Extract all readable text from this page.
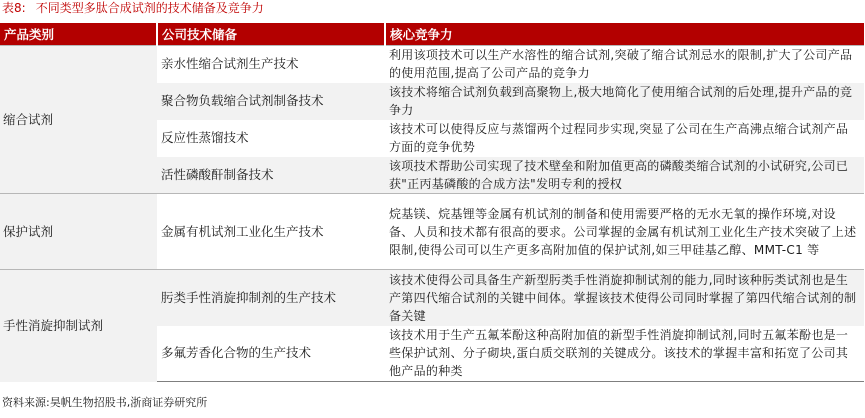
表8: 不同类型多肽合成试剂的技术储备及竞争力
产品类别	公司技术储备	核心竞争力
缩合试剂	亲水性缩合试剂生产技术	利用该项技术可以生产水溶性的缩合试剂,突破了缩合试剂忌水的限制,扩大了公司产品的使用范围,提高了公司产品的竞争力
	聚合物负载缩合试剂制备技术	该技术将缩合试剂负载到高聚物上,极大地简化了使用缩合试剂的后处理,提升产品的竞争力
	反应性蒸馏技术	该技术可以使得反应与蒸馏两个过程同步实现,突显了公司在生产高沸点缩合试剂产品方面的竞争优势
	活性磷酸酐制备技术	该项技术帮助公司实现了技术壁垒和附加值更高的磷酸类缩合试剂的小试研究,公司已获"正丙基磷酸的合成方法"发明专利的授权
保护试剂	金属有机试剂工业化生产技术	烷基镁、烷基锂等金属有机试剂的制备和使用需要严格的无水无氧的操作环境,对设备、人员和技术都有很高的要求。公司掌握的金属有机试剂工业化生产技术突破了上述限制,使得公司可以生产更多高附加值的保护试剂,如三甲硅基乙醇、MMT-C1 等
手性消旋抑制试剂	肟类手性消旋抑制剂的生产技术	该技术使得公司具备生产新型肟类手性消旋抑制试剂的能力,同时该种肟类试剂也是生产第四代缩合试剂的关键中间体。掌握该技术使得公司同时掌握了第四代缩合试剂的制备关键
	多氟芳香化合物的生产技术	该技术用于生产五氟苯酚这种高附加值的新型手性消旋抑制试剂,同时五氟苯酚也是一些保护试剂、分子砌块,蛋白质交联剂的关键成分。该技术的掌握丰富和拓宽了公司其他产品的种类
资料来源:昊帆生物招股书,浙商证券研究所
